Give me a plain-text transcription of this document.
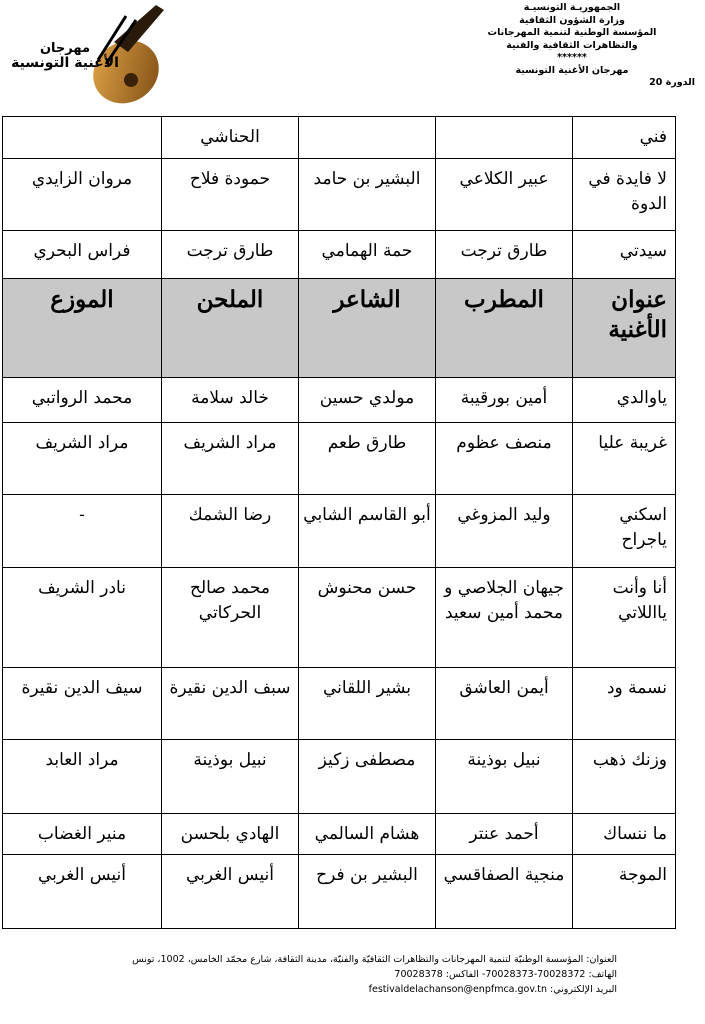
مهرجان
الأغنية التونسية
الجمهوريـة التونسيـة
وزارة الشؤون الثقافية
المؤسسة الوطنية لتنمية المهرجانات
والتظاهرات الثقافية والفنية
******
مهرجان الأغنية التونسية
الدورة 20
فني			الحناشي	
لا فايدة في الدوة	عبير الكلاعي	البشير بن حامد	حمودة فلاح	مروان الزايدي
سيدتي	طارق ترجت	حمة الهمامي	طارق ترجت	فراس البحري
عنوان الأغنية	المطرب	الشاعر	الملحن	الموزع
ياوالدي	أمين بورقيبة	مولدي حسين	خالد سلامة	محمد الرواتبي
غريبة عليا	منصف عظوم	طارق طعم	مراد الشريف	مراد الشريف
اسكني ياجراح	وليد المزوغي	أبو القاسم الشابي	رضا الشمك	-
أنا وأنت يااللاتي	جيهان الجلاصي و محمد أمين سعيد	حسن محنوش	محمد صالح الحركاتي	نادر الشريف
نسمة ود	أيمن العاشق	بشير اللقاني	سبف الدين نقيرة	سيف الدين نقيرة
وزنك ذهب	نبيل بوذينة	مصطفى زكيز	نبيل بوذينة	مراد العابد
ما ننساك	أحمد عنتر	هشام السالمي	الهادي بلحسن	منير الغضاب
الموجة	منجية الصفاقسي	البشير بن فرح	أنيس الغربي	أنيس الغربي
العنوان: المؤسسة الوطنيّة لتنمية المهرجانات والتظاهرات الثقافيّة والفنيّة، مدينة الثقافة، شارع محمّد الخامس، 1002، تونس
الهاتف: 70028372-70028373- الفاكس: 70028378
البريد الإلكتروني: festivaldelachanson@enpfmca.gov.tn
